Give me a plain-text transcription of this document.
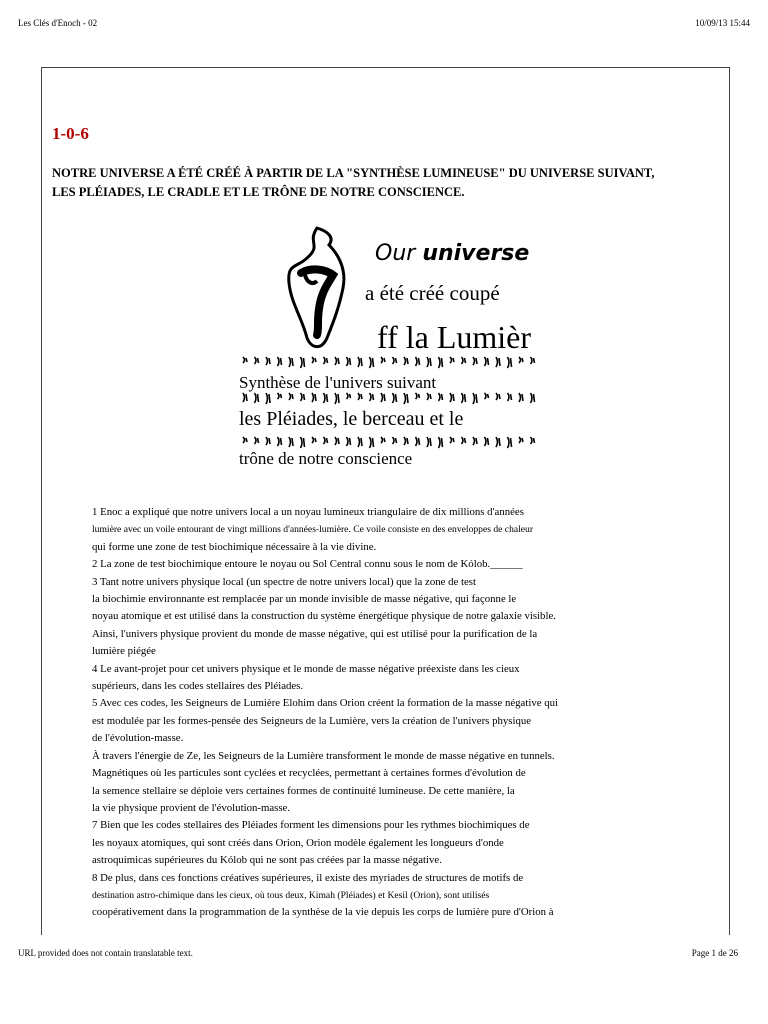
Les Clés d'Enoch - 02	10/09/13 15:44
1-0-6

NOTRE UNIVERSE A ÉTÉ CRÉÉ À PARTIR DE LA "SYNTHÈSE LUMINEUSE" DU UNIVERSE SUIVANT,
LES PLÉIADES, LE CRADLE ET LE TRÔNE DE NOTRE CONSCIENCE.

Our universe
a été créé coupé
ff la Lumièr
Synthèse de l'univers suivant
les Pléiades, le berceau et le
trône de notre conscience

1 Enoc a expliqué que notre univers local a un noyau lumineux triangulaire de dix millions d'années

lumière avec un voile entourant de vingt millions d'années-lumière. Ce voile consiste en des enveloppes de chaleur

qui forme une zone de test biochimique nécessaire à la vie divine.

2 La zone de test biochimique entoure le noyau ou Sol Central connu sous le nom de Kólob.______

3 Tant notre univers physique local (un spectre de notre univers local) que la zone de test

la biochimie environnante est remplacée par un monde invisible de masse négative, qui façonne le

noyau atomique et est utilisé dans la construction du système énergétique physique de notre galaxie visible.

Ainsi, l'univers physique provient du monde de masse négative, qui est utilisé pour la purification de la

lumière piégée

4 Le avant-projet pour cet univers physique et le monde de masse négative préexiste dans les cieux

supérieurs, dans les codes stellaires des Pléiades.

5 Avec ces codes, les Seigneurs de Lumière Elohim dans Orion créent la formation de la masse négative qui

est modulée par les formes-pensée des Seigneurs de la Lumière, vers la création de l'univers physique

de l'évolution-masse.

À travers l'énergie de Ze, les Seigneurs de la Lumière transforment le monde de masse négative en tunnels.

Magnétiques où les particules sont cyclées et recyclées, permettant à certaines formes d'évolution de

la semence stellaire se déploie vers certaines formes de continuité lumineuse. De cette manière, la

la vie physique provient de l'évolution-masse.

7 Bien que les codes stellaires des Pléiades forment les dimensions pour les rythmes biochimiques de

les noyaux atomiques, qui sont créés dans Orion, Orion modèle également les longueurs d'onde

astroquímicas supérieures du Kólob qui ne sont pas créées par la masse négative.

8 De plus, dans ces fonctions créatives supérieures, il existe des myriades de structures de motifs de

destination astro-chimique dans les cieux, où tous deux, Kimah (Pléiades) et Kesil (Orion), sont utilisés

coopérativement dans la programmation de la synthèse de la vie depuis les corps de lumière pure d'Orion à

URL provided does not contain translatable text.	Page 1 de 26
